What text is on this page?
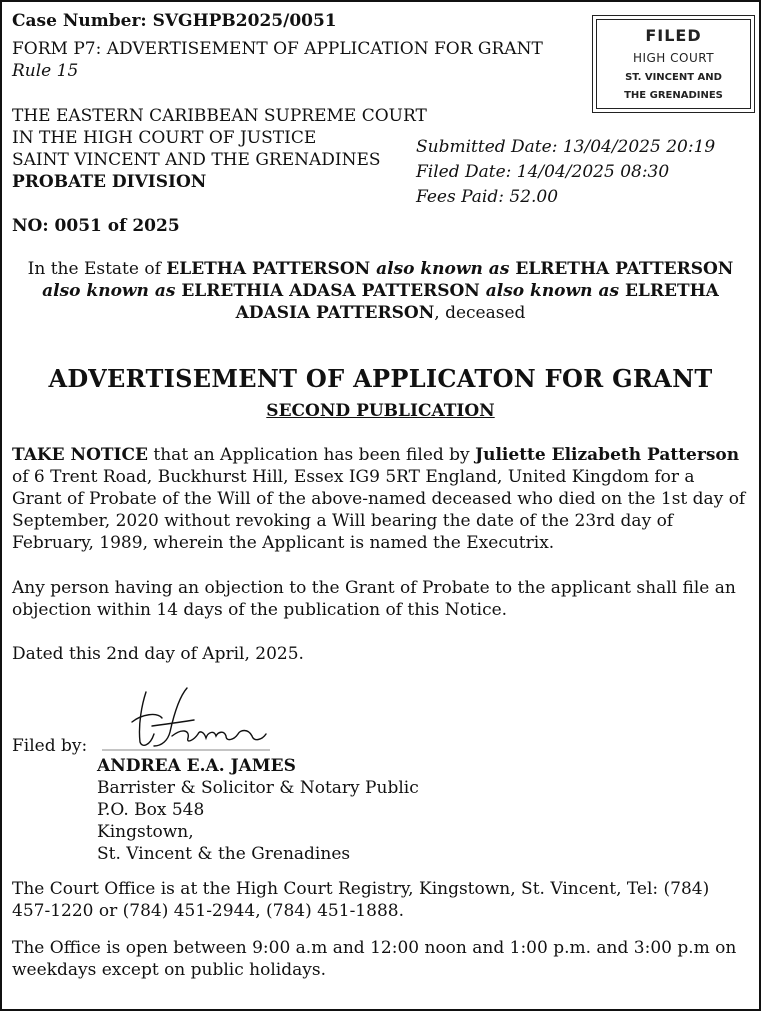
Case Number: SVGHPB2025/0051
FORM P7: ADVERTISEMENT OF APPLICATION FOR GRANT
Rule 15
FILED
HIGH COURT
ST. VINCENT AND
THE GRENADINES
THE EASTERN CARIBBEAN SUPREME COURT
IN THE HIGH COURT OF JUSTICE
SAINT VINCENT AND THE GRENADINES
PROBATE DIVISION
Submitted Date: 13/04/2025 20:19
Filed Date: 14/04/2025 08:30
Fees Paid: 52.00
NO: 0051 of 2025
In the Estate of ELETHA PATTERSON also known as ELRETHA PATTERSON also known as ELRETHIA ADASA PATTERSON also known as ELRETHA ADASIA PATTERSON, deceased
ADVERTISEMENT OF APPLICATON FOR GRANT
SECOND PUBLICATION
TAKE NOTICE that an Application has been filed by Juliette Elizabeth Patterson of 6 Trent Road, Buckhurst Hill, Essex IG9 5RT England, United Kingdom for a Grant of Probate of the Will of the above-named deceased who died on the 1st day of September, 2020 without revoking a Will bearing the date of the 23rd day of February, 1989, wherein the Applicant is named the Executrix.
Any person having an objection to the Grant of Probate to the applicant shall file an objection within 14 days of the publication of this Notice.
Dated this 2nd day of April, 2025.
Filed by:
ANDREA E.A. JAMES
Barrister & Solicitor & Notary Public
P.O. Box 548
Kingstown,
St. Vincent & the Grenadines
The Court Office is at the High Court Registry, Kingstown, St. Vincent, Tel: (784) 457-1220 or (784) 451-2944, (784) 451-1888.
The Office is open between 9:00 a.m and 12:00 noon and 1:00 p.m. and 3:00 p.m on weekdays except on public holidays.
